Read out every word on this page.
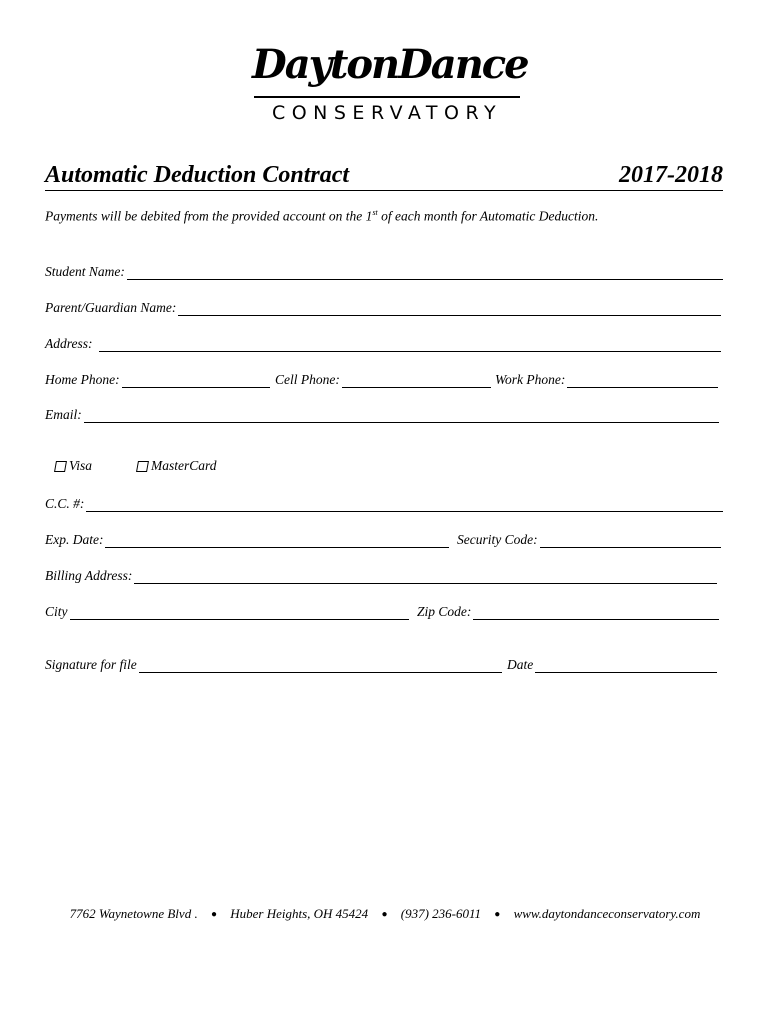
DaytonDance
CONSERVATORY
Automatic Deduction Contract	2017-2018
Payments will be debited from the provided account on the 1st of each month for Automatic Deduction.
Student Name:
Parent/Guardian Name:
Address:
Home Phone:	Cell Phone:	Work Phone:
Email:
Visa	MasterCard
C.C. #:
Exp. Date:	Security Code:
Billing Address:
City	Zip Code:
Signature for file	Date
7762 Waynetowne Blvd . ● Huber Heights, OH 45424 ● (937) 236-6011 ● www.daytondanceconservatory.com
